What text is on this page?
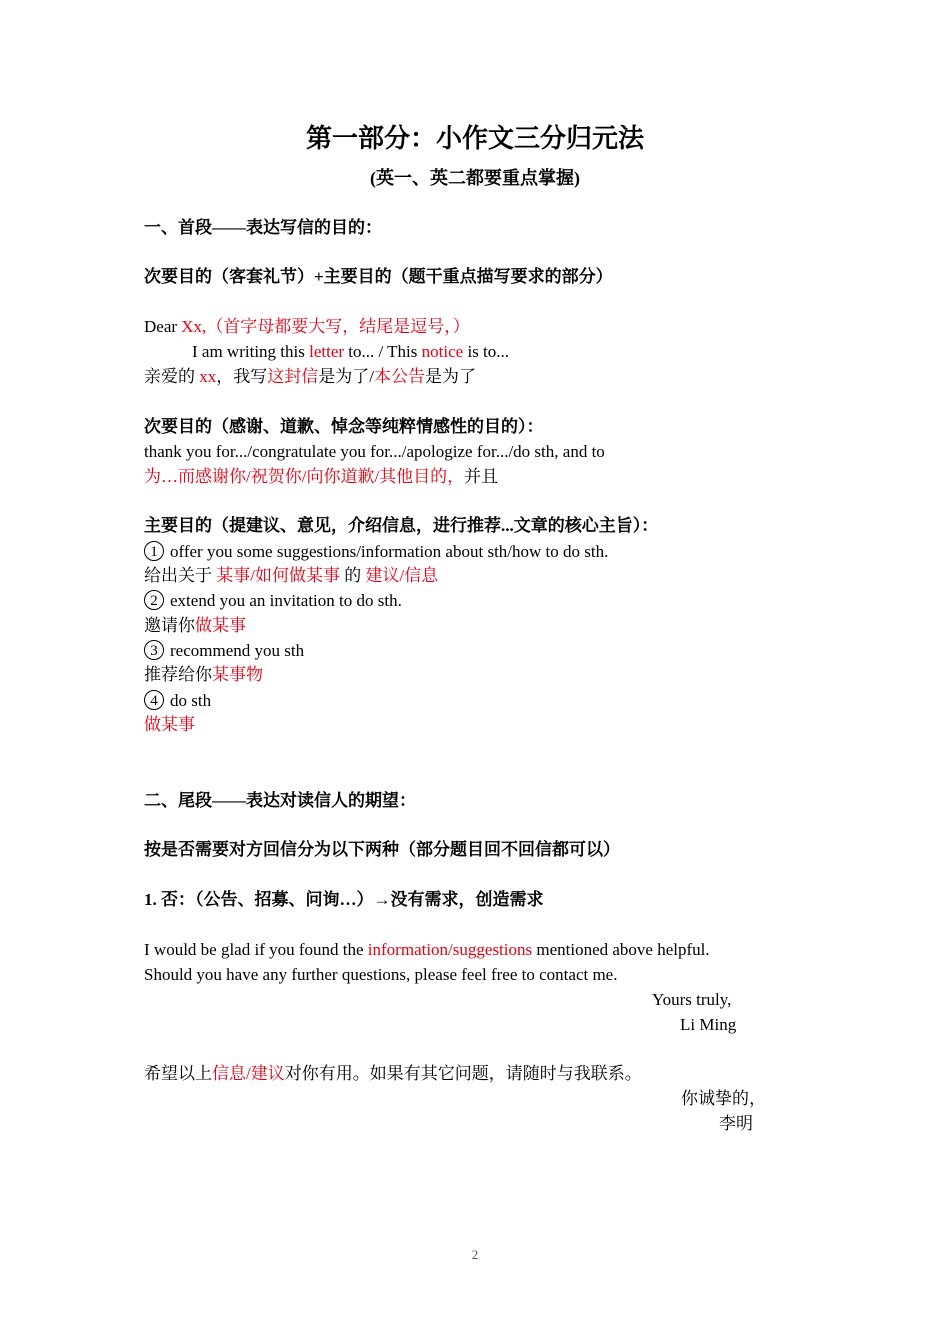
第一部分：小作文三分归元法
(英一、英二都要重点掌握)
一、首段——表达写信的目的：
次要目的（客套礼节）+主要目的（题干重点描写要求的部分）
Dear Xx,（首字母都要大写，结尾是逗号，）
I am writing this letter to... / This notice is to...
亲爱的 xx，我写这封信是为了/本公告是为了
次要目的（感谢、道歉、悼念等纯粹情感性的目的）：
thank you for.../congratulate you for.../apologize for.../do sth, and to
为…而感谢你/祝贺你/向你道歉/其他目的，并且
主要目的（提建议、意见，介绍信息，进行推荐...文章的核心主旨）：
1 offer you some suggestions/information about sth/how to do sth.
给出关于 某事/如何做某事 的 建议/信息
2 extend you an invitation to do sth.
邀请你做某事
3 recommend you sth
推荐给你某事物
4 do sth
做某事
二、尾段——表达对读信人的期望：
按是否需要对方回信分为以下两种（部分题目回不回信都可以）
1. 否：（公告、招募、问询…）→没有需求，创造需求
I would be glad if you found the information/suggestions mentioned above helpful.
Should you have any further questions, please feel free to contact me.
Yours truly,
Li Ming
希望以上信息/建议对你有用。如果有其它问题，请随时与我联系。
你诚挚的，
李明
2
